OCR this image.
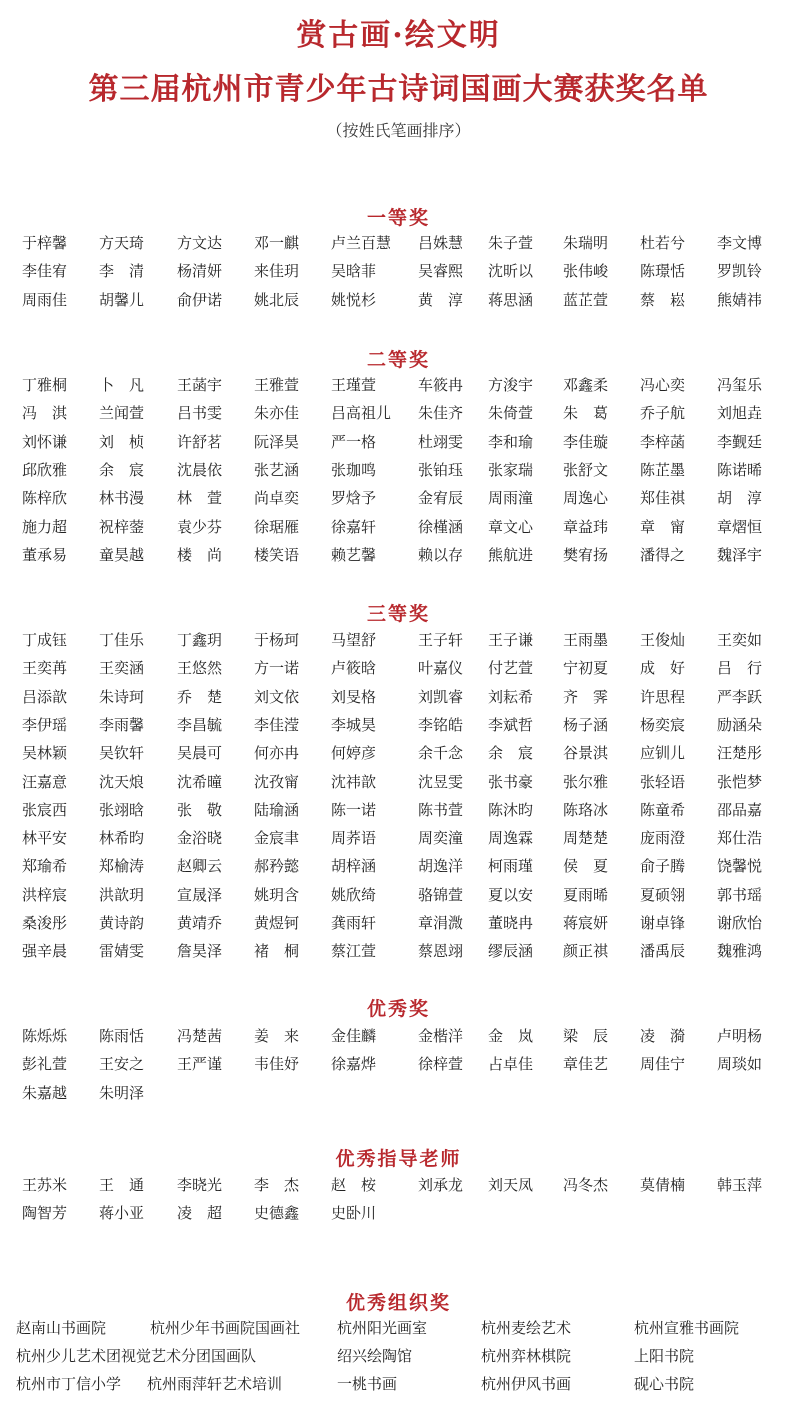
赏古画·绘文明
第三届杭州市青少年古诗词国画大赛获奖名单
（按姓氏笔画排序）
一等奖
二等奖
三等奖
优秀奖
优秀指导老师
优秀组织奖
于梓馨 方天琦 方文达 邓一麒 卢兰百慧 吕姝慧 朱子萱 朱瑞明 杜若兮 李文博
李佳宥 李　清 杨清妍 来佳玥 吴晗菲	吴睿熙 沈昕以 张伟峻 陈璟恬 罗凯铃
周雨佳 胡馨儿 俞伊诺 姚北辰 姚悦杉	黄　淳 蒋思涵 蓝芷萱 蔡　崧 熊婧祎
丁雅桐 卜　凡 王菡宇 王雅萱 王瑾萱	车筱冉 方浚宇 邓鑫柔 冯心奕 冯玺乐
冯　淇 兰闻萱 吕书雯 朱亦佳 吕高祖儿 朱佳齐 朱倚萱 朱　葛 乔子航 刘旭垚
刘怀谦 刘　桢 许舒茗 阮泽昊 严一格	杜翊雯 李和瑜 李佳璇 李梓菡 李觐廷
邱欣雅 余　宸 沈晨依 张艺涵 张珈鸣	张铂珏 张家瑞 张舒文 陈芷墨 陈诺晞
陈梓欣 林书漫 林　萱 尚卓奕 罗焓予	金宥辰 周雨潼 周逸心 郑佳祺 胡　淳
施力超 祝梓蓥 袁少芬 徐琚雁 徐嘉轩	徐槿涵 章文心 章益玮 章　甯 章熠恒
董承易 童昊越 楼　尚 楼笑语 赖艺馨	赖以存 熊航进 樊宥扬 潘得之 魏泽宇
丁成钰 丁佳乐 丁鑫玥 于杨珂 马望舒	王子轩 王子谦 王雨墨 王俊灿 王奕如
王奕苒 王奕涵 王悠然 方一诺 卢筱晗	叶嘉仪 付艺萱 宁初夏 成　好 吕　行
吕添歆 朱诗珂 乔　楚 刘文依 刘旻格	刘凯睿 刘耘希 齐　霁 许思程 严李跃
李伊瑶 李雨馨 李昌毓 李佳滢 李城昊	李铭皓 李斌哲 杨子涵 杨奕宸 励涵朵
吴林颖 吴钦轩 吴晨可 何亦冉 何婷彦	余千念 余　宸 谷景淇 应钏儿 汪楚彤
汪嘉意 沈天烺 沈希曈 沈孜甯 沈祎歆	沈昱雯 张书豪 张尔雅 张轻语 张恺梦
张宸西 张翊晗 张　敬 陆瑜涵 陈一诺	陈书萱 陈沐昀 陈珞冰 陈童希 邵品嘉
林平安 林希昀 金浴晓 金宸聿 周荞语	周奕潼 周逸霖 周楚楚 庞雨澄 郑仕浩
郑瑜希 郑榆涛 赵卿云 郝矜懿 胡梓涵	胡逸洋 柯雨瑾 侯　夏 俞子腾 饶馨悦
洪梓宸 洪歆玥 宣晟泽 姚玥含 姚欣绮	骆锦萱 夏以安 夏雨晞 夏硕翎 郭书瑶
桑浚彤 黄诗韵 黄靖乔 黄煜钶 龚雨轩	章涓溦 董晓冉 蒋宸妍 谢卓锋 谢欣怡
强辛晨 雷婧雯 詹昊泽 褚　桐 蔡江萱	蔡恩翊 缪辰涵 颜正祺 潘禹辰 魏雅鸿
陈烁烁 陈雨恬 冯楚茜 姜　来 金佳麟	金楷洋 金　岚 梁　辰 凌　漪 卢明杨
彭礼萱 王安之 王严谨 韦佳妤 徐嘉烨	徐梓萱 占卓佳 章佳艺 周佳宁 周琰如
朱嘉越 朱明泽
王苏米 王　通 李晓光 李　杰 赵　桉	刘承龙 刘天凤 冯冬杰 莫倩楠 韩玉萍
陶智芳 蒋小亚 凌　超 史德鑫 史卧川
赵南山书画院	杭州少年书画院国画社 杭州阳光画室	杭州麦绘艺术	杭州宣雅书画院
杭州少儿艺术团视觉艺术分团国画队	绍兴绘陶馆	杭州弈林棋院	上阳书院
杭州市丁信小学 杭州雨萍轩艺术培训	一桃书画	杭州伊风书画	砚心书院
